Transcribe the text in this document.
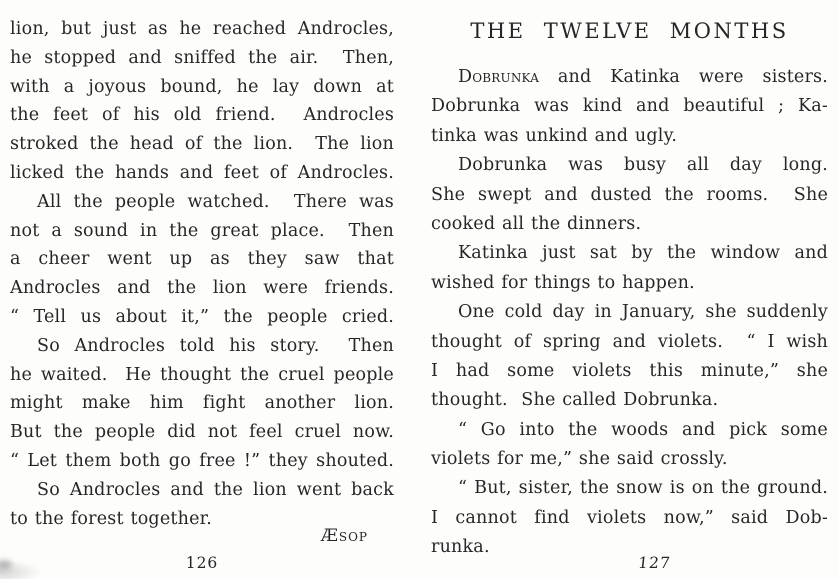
lion, but just as he reached Androcles,
he stopped and sniffed the air.  Then,
with a joyous bound, he lay down at
the feet of his old friend.  Androcles
stroked the head of the lion.  The lion
licked the hands and feet of Androcles.
All the people watched.  There was
not a sound in the great place.  Then
a cheer went up as they saw that
Androcles and the lion were friends.
“ Tell us about it,” the people cried.
So Androcles told his story.  Then
he waited.  He thought the cruel people
might make him fight another lion.
But the people did not feel cruel now.
“ Let them both go free !” they shouted.
So Androcles and the lion went back
to the forest together.
Æsop
126
THE TWELVE MONTHS
Dobrunka and Katinka were sisters.
Dobrunka was kind and beautiful ; Ka-
tinka was unkind and ugly.
Dobrunka was busy all day long.
She swept and dusted the rooms.  She
cooked all the dinners.
Katinka just sat by the window and
wished for things to happen.
One cold day in January, she suddenly
thought of spring and violets.  “ I wish
I had some violets this minute,” she
thought.  She called Dobrunka.
“ Go into the woods and pick some
violets for me,” she said crossly.
“ But, sister, the snow is on the ground.
I cannot find violets now,” said Dob-
runka.
127
